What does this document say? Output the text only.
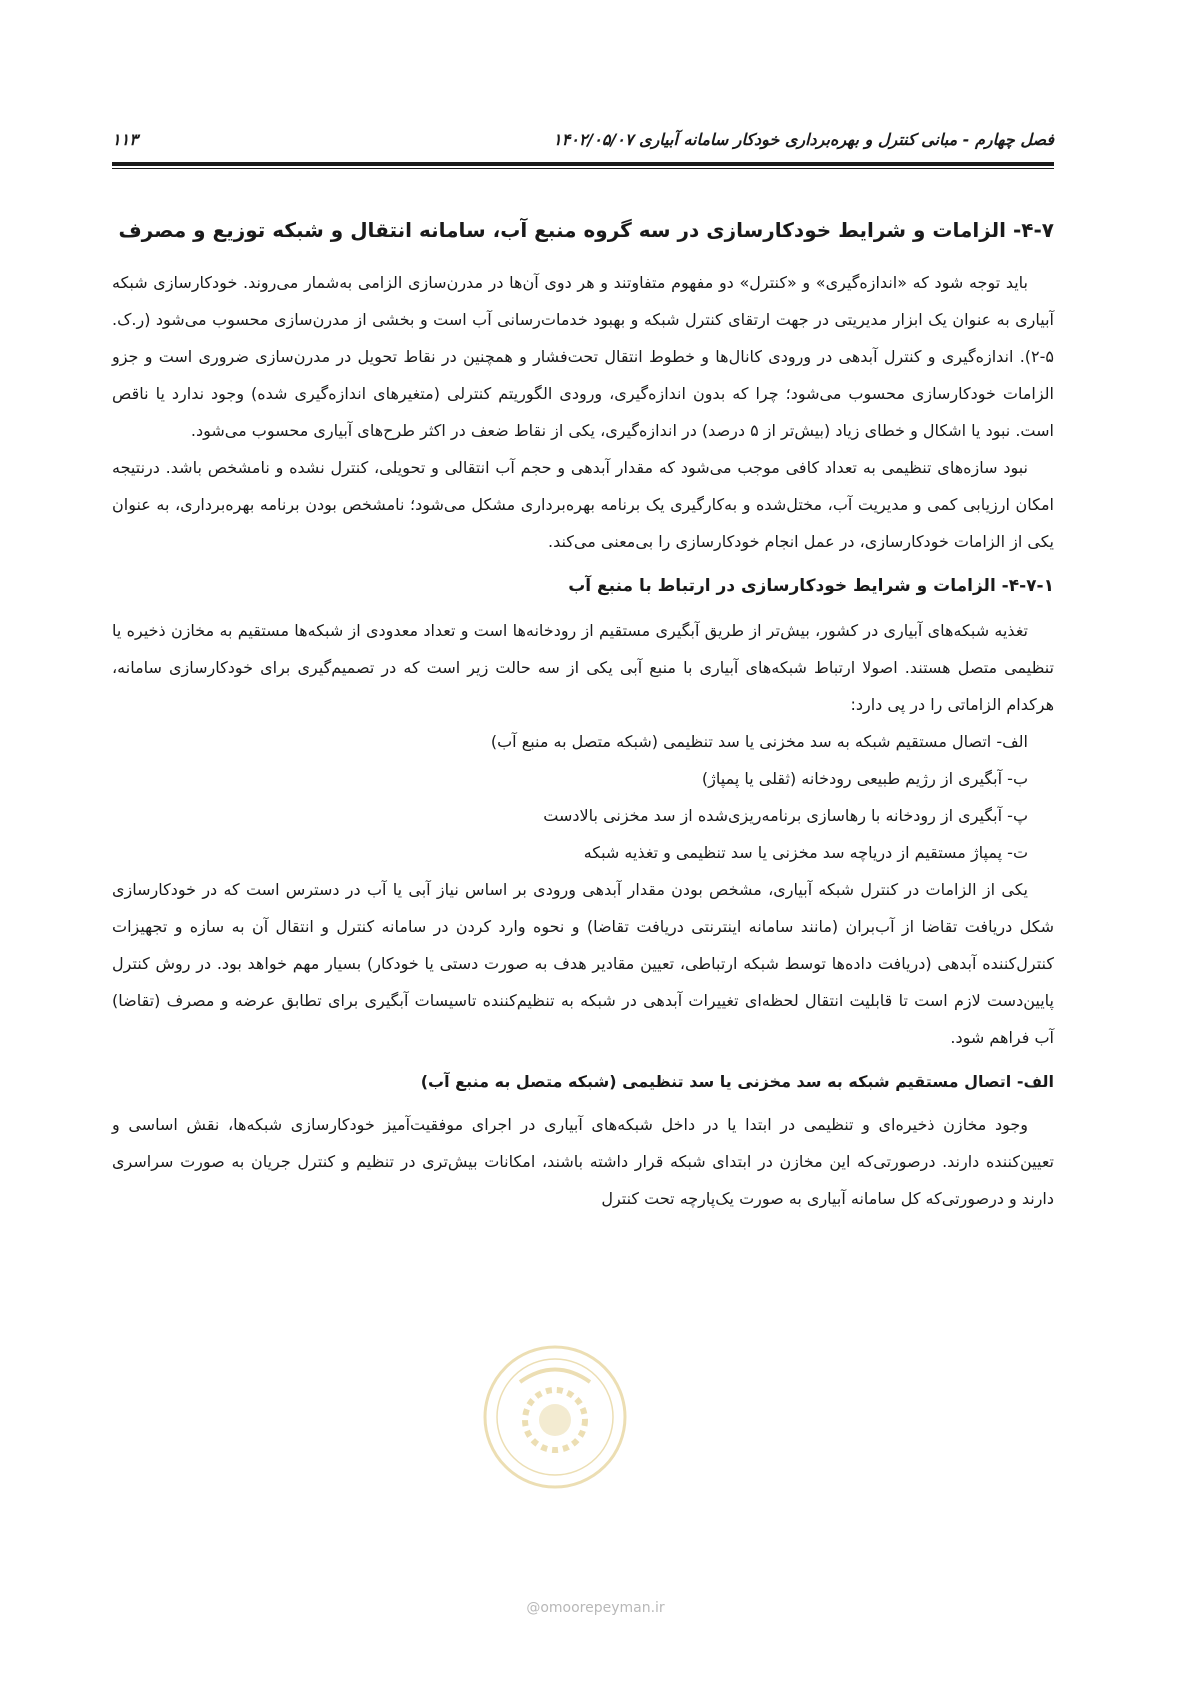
فصل چهارم - مبانی کنترل و بهره‌برداری خودکار سامانه آبیاری ۱۴۰۲/۰۵/۰۷
۱۱۳
۴-۷- الزامات و شرایط خودکارسازی در سه گروه منبع آب، سامانه انتقال و شبکه توزیع و مصرف

باید توجه شود که «اندازه‌گیری» و «کنترل» دو مفهوم متفاوتند و هر دوی آن‌ها در مدرن‌سازی الزامی به‌شمار می‌روند. خودکارسازی شبکه آبیاری به عنوان یک ابزار مدیریتی در جهت ارتقای کنترل شبکه و بهبود خدمات‌رسانی آب است و بخشی از مدرن‌سازی محسوب می‌شود (ر.ک. ۵-۲). اندازه‌گیری و کنترل آبدهی در ورودی کانال‌ها و خطوط انتقال تحت‌فشار و همچنین در نقاط تحویل در مدرن‌سازی ضروری است و جزو الزامات خودکارسازی محسوب می‌شود؛ چرا که بدون اندازه‌گیری، ورودی الگوریتم کنترلی (متغیرهای اندازه‌گیری شده) وجود ندارد یا ناقص است. نبود یا اشکال و خطای زیاد (بیش‌تر از ۵ درصد) در اندازه‌گیری، یکی از نقاط ضعف در اکثر طرح‌های آبیاری محسوب می‌شود.

نبود سازه‌های تنظیمی به تعداد کافی موجب می‌شود که مقدار آبدهی و حجم آب انتقالی و تحویلی، کنترل نشده و نامشخص باشد. درنتیجه امکان ارزیابی کمی و مدیریت آب، مختل‌شده و به‌کارگیری یک برنامه بهره‌برداری مشکل می‌شود؛ نامشخص بودن برنامه بهره‌برداری، به عنوان یکی از الزامات خودکارسازی، در عمل انجام خودکارسازی را بی‌معنی می‌کند.

۴-۷-۱- الزامات و شرایط خودکارسازی در ارتباط با منبع آب

تغذیه شبکه‌های آبیاری در کشور، بیش‌تر از طریق آبگیری مستقیم از رودخانه‌ها است و تعداد معدودی از شبکه‌ها مستقیم به مخازن ذخیره یا تنظیمی متصل هستند. اصولا ارتباط شبکه‌های آبیاری با منبع آبی یکی از سه حالت زیر است که در تصمیم‌گیری برای خودکارسازی سامانه، هرکدام الزاماتی را در پی دارد:

الف- اتصال مستقیم شبکه به سد مخزنی یا سد تنظیمی (شبکه متصل به منبع آب)
ب- آبگیری از رژیم طبیعی رودخانه (ثقلی یا پمپاژ)
پ- آبگیری از رودخانه با رهاسازی برنامه‌ریزی‌شده از سد مخزنی بالادست
ت- پمپاژ مستقیم از دریاچه سد مخزنی یا سد تنظیمی و تغذیه شبکه

یکی از الزامات در کنترل شبکه آبیاری، مشخص بودن مقدار آبدهی ورودی بر اساس نیاز آبی یا آب در دسترس است که در خودکارسازی شکل دریافت تقاضا از آب‌بران (مانند سامانه اینترنتی دریافت تقاضا) و نحوه وارد کردن در سامانه کنترل و انتقال آن به سازه و تجهیزات کنترل‌کننده آبدهی (دریافت داده‌ها توسط شبکه ارتباطی، تعیین مقادیر هدف به صورت دستی یا خودکار) بسیار مهم خواهد بود. در روش کنترل پایین‌دست لازم است تا قابلیت انتقال لحظه‌ای تغییرات آبدهی در شبکه به تنظیم‌کننده تاسیسات آبگیری برای تطابق عرضه و مصرف (تقاضا) آب فراهم شود.

الف- اتصال مستقیم شبکه به سد مخزنی یا سد تنظیمی (شبکه متصل به منبع آب)

وجود مخازن ذخیره‌ای و تنظیمی در ابتدا یا در داخل شبکه‌های آبیاری در اجرای موفقیت‌آمیز خودکارسازی شبکه‌ها، نقش اساسی و تعیین‌کننده دارند. درصورتی‌که این مخازن در ابتدای شبکه قرار داشته باشند، امکانات بیش‌تری در تنظیم و کنترل جریان به صورت سراسری دارند و درصورتی‌که کل سامانه آبیاری به صورت یک‌پارچه تحت کنترل

@omoorepeyman.ir
